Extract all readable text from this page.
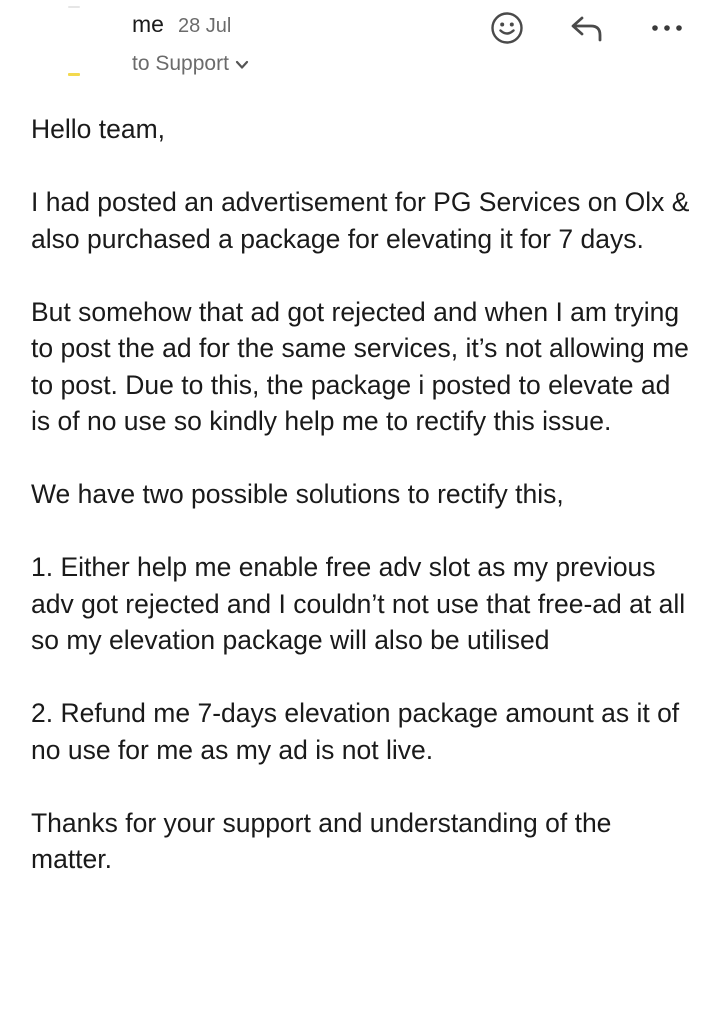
me 28 Jul
to Support

Hello team,

I had posted an advertisement for PG Services on Olx & also purchased a package for elevating it for 7 days.

But somehow that ad got rejected and when I am trying to post the ad for the same services, it’s not allowing me to post. Due to this, the package i posted to elevate ad is of no use so kindly help me to rectify this issue.

We have two possible solutions to rectify this,

1. Either help me enable free adv slot as my previous adv got rejected and I couldn’t not use that free-ad at all so my elevation package will also be utilised

2. Refund me 7-days elevation package amount as it of no use for me as my ad is not live.

Thanks for your support and understanding of the matter.
